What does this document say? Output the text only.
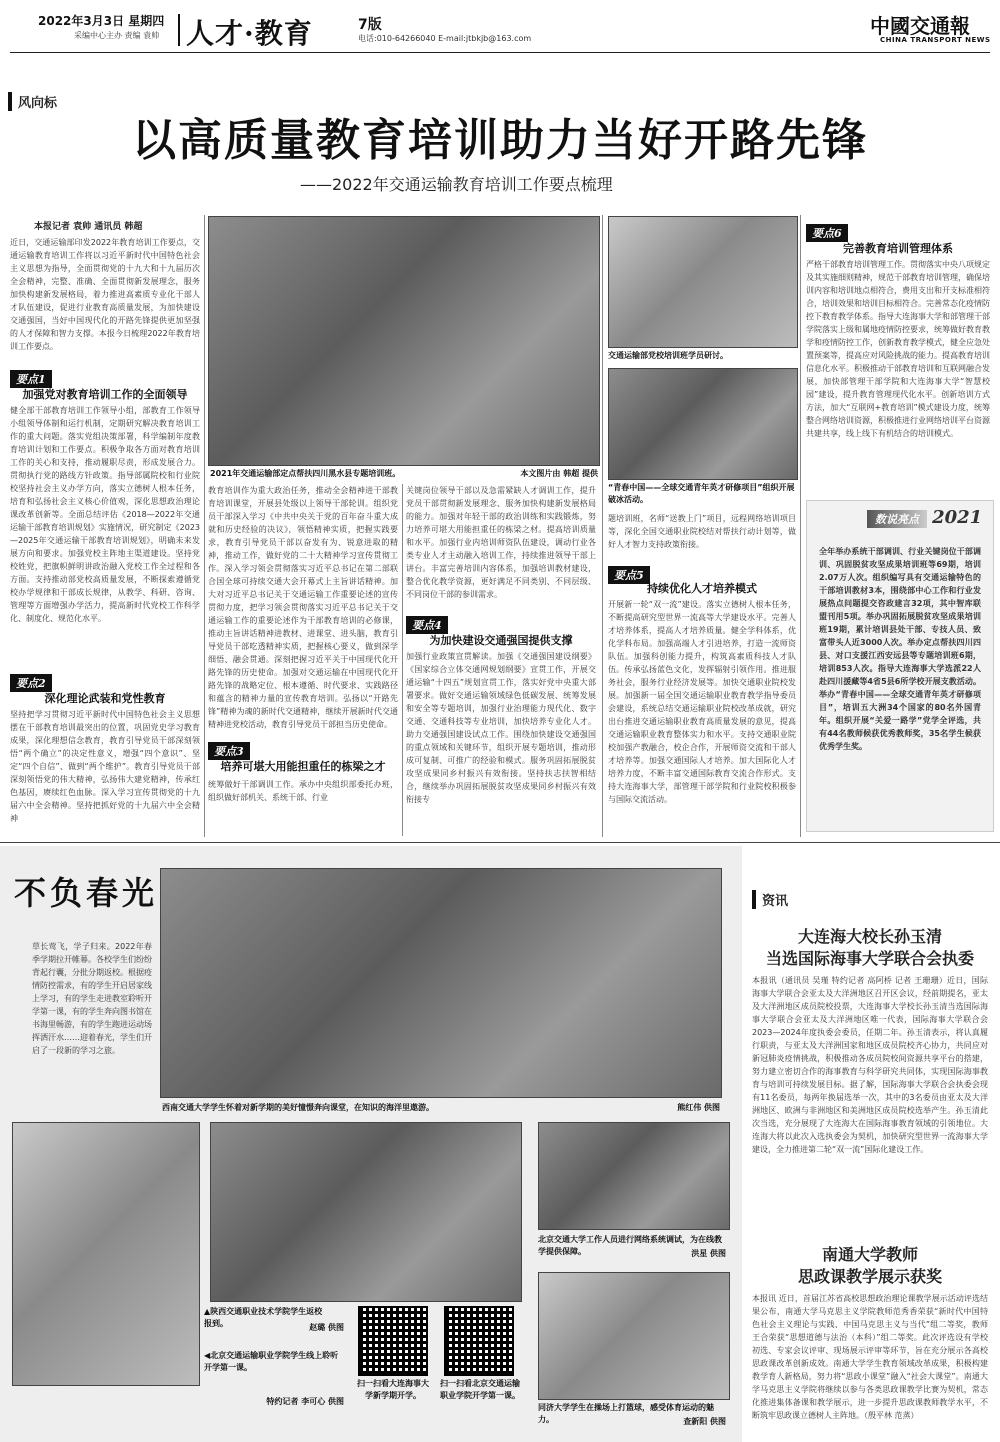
2022年3月3日 星期四
采编中心主办 责编 袁帅 人才·教育	7版
电话:010-64266040 E-mail:jtbkjb@163.com
中國交通報
CHINA TRANSPORT NEWS
风向标
以高质量教育培训助力当好开路先锋
——2022年交通运输教育培训工作要点梳理
本报记者 袁帅 通讯员 韩超
近日，交通运输部印发2022年教育培训工作要点，交通运输教育培训工作将以习近平新时代中国特色社会主义思想为指导，全面贯彻党的十九大和十九届历次全会精神，完整、准确、全面贯彻新发展理念，服务加快构建新发展格局，着力推进高素质专业化干部人才队伍建设，促进行业教育高质量发展，为加快建设交通强国，当好中国现代化的开路先锋提供更加坚强的人才保障和智力支撑。本报今日梳理2022年教育培训工作要点。
要点1
加强党对教育培训工作的全面领导
健全部干部教育培训工作领导小组，部教育工作领导小组领导体制和运行机制，定期研究解决教育培训工作的重大问题。落实党组决策部署，科学编制年度教育培训计划和工作要点。积极争取各方面对教育培训工作的关心和支持，推动履职尽责，形成发展合力。贯彻执行党的路线方针政策。指导部属院校和行业院校坚持社会主义办学方向，落实立德树人根本任务，培育和弘扬社会主义核心价值观，深化思想政治理论课改革创新等。全面总结评估《2018—2022年交通运输干部教育培训规划》实施情况，研究制定《2023—2025年交通运输干部教育培训规划》，明确未来发展方向和要求。加强党校主阵地主渠道建设。坚持党校姓党，把旗帜鲜明讲政治融入党校工作全过程和各方面。支持推动部党校高质量发展，不断探索遵循党校办学规律和干部成长规律，从教学、科研、咨询、管理等方面增强办学活力，提高新时代党校工作科学化、制度化、规范化水平。
要点2
深化理论武装和党性教育
坚持把学习贯彻习近平新时代中国特色社会主义思想摆在干部教育培训最突出的位置，巩固党史学习教育成果，深化理想信念教育，教育引导党员干部深刻领悟“两个确立”的决定性意义，增强“四个意识”、坚定“四个自信”、做到“两个维护”。教育引导党员干部深刻领悟党的伟大精神，弘扬伟大建党精神，传承红色基因，赓续红色血脉。深入学习宣传贯彻党的十九届六中全会精神。坚持把抓好党的十九届六中全会精神
2021年交通运输部定点帮扶四川黑水县专题培训班。	本文图片由 韩超 提供
教育培训作为重大政治任务，推动全会精神进干部教育培训课堂，开展县处级以上领导干部轮训。组织党员干部深入学习《中共中央关于党的百年奋斗重大成就和历史经验的决议》，领悟精神实质，把握实践要求，教育引导党员干部以奋发有为、锐意进取的精神，推动工作，做好党的二十大精神学习宣传贯彻工作。深入学习领会贯彻落实习近平总书记在第二部联合国全球可持续交通大会开幕式上主旨讲话精神。加大对习近平总书记关于交通运输工作重要论述的宣传贯彻力度，把学习领会贯彻落实习近平总书记关于交通运输工作的重要论述作为干部教育培训的必修课，推动主旨讲话精神进教材、进课堂、进头脑，教育引导党员干部吃透精神实质，把握核心要义，做到深学细悟、融会贯通。深刻把握习近平关于中国现代化开路先锋的历史使命。加强对交通运输在中国现代化开路先锋的战略定位、根本遵循、时代要求、实践路径和蕴含的精神力量的宣传教育培训。弘扬以“开路先锋”精神为魂的新时代交通精神，继续开展新时代交通精神进党校活动，教育引导党员干部担当历史使命。
要点3
培养可堪大用能担重任的栋梁之才
统筹做好干部调训工作。承办中央组织部委托办班，组织做好部机关、系统干部、行业
关键岗位领导干部以及急需紧缺人才调训工作，提升党员干部贯彻新发展理念、服务加快构建新发展格局的能力。加强对年轻干部的政治训练和实践锻炼，努力培养可堪大用能担重任的栋梁之材。提高培训质量和水平。加强行业内培训师资队伍建设，调动行业各类专业人才主动融入培训工作，持续推进领导干部上讲台。丰富完善培训内容体系，加强培训教材建设，整合优化教学资源，更好满足不同类别、不同层级、不同岗位干部的参训需求。
要点4
为加快建设交通强国提供支撑
加强行业政策宣贯解读。加强《交通强国建设纲要》《国家综合立体交通网规划纲要》宣贯工作，开展交通运输“十四五”规划宣贯工作，落实好党中央重大部署要求。做好交通运输领域绿色低碳发展、统筹发展和安全等专题培训，加强行业治理能力现代化、数字交通、交通科技等专业培训，加快培养专业化人才。助力交通强国建设试点工作。围绕加快建设交通强国的重点领域和关键环节，组织开展专题培训，推动形成可复制、可推广的经验和模式。服务巩固拓展脱贫攻坚成果同乡村振兴有效衔接。坚持扶志扶智相结合，继续举办巩固拓展脱贫攻坚成果同乡村振兴有效衔接专
交通运输部党校培训班学员研讨。
“青春中国——全球交通青年英才研修项目”组织开展破冰活动。
题培训班，名师“送教上门”项目，远程网络培训项目等，深化全国交通职业院校结对帮扶行动计划等，做好人才智力支持政策衔接。
要点5
持续优化人才培养模式
开展新一轮“双一流”建设。落实立德树人根本任务，不断提高研究型世界一流高等大学建设水平。完善人才培养体系，提高人才培养质量。健全学科体系，优化学科布局。加强高端人才引进培养，打造一流师资队伍。加强科创能力提升，构筑高素质科技人才队伍。传承弘扬蓝色文化，发挥辐射引领作用。推进服务社会，服务行业经济发展等。加快交通职业院校发展。加强新一届全国交通运输职业教育教学指导委员会建设，系统总结交通运输职业院校改革成就，研究出台推进交通运输职业教育高质量发展的意见，提高交通运输职业教育整体实力和水平。支持交通职业院校加强产教融合，校企合作，开展师资交流和干部人才培养等。加强交通国际人才培养。加大国际化人才培养力度，不断丰富交通国际教育交流合作形式。支持大连海事大学，部管理干部学院和行业院校积极参与国际交流活动。
要点6
完善教育培训管理体系
严格干部教育培训管理工作。贯彻落实中央八项规定及其实施细则精神，规范干部教育培训管理，确保培训内容和培训地点相符合，费用支出和开支标准相符合，培训效果和培训目标相符合。完善常态化疫情防控下教育教学体系。指导大连海事大学和部管理干部学院落实上级和属地疫情防控要求，统筹做好教育教学和疫情防控工作，创新教育教学模式，健全应急处置预案等，提高应对风险挑战的能力。提高教育培训信息化水平。积极推动干部教育培训和互联网融合发展，加快部管理干部学院和大连海事大学“智慧校园”建设，提升教育管理现代化水平。创新培训方式方法，加大“互联网+教育培训”模式建设力度，统筹整合网络培训资源，积极推进行业网络培训平台资源共建共享，线上线下有机结合的培训模式。
数说亮点 2021
全年举办系统干部调训、行业关键岗位干部调训、巩固脱贫攻坚成果培训班等69期，培训2.07万人次。组织编写具有交通运输特色的干部培训教材3本，围绕部中心工作和行业发展热点问题提交咨政建言32项，其中智库联盟刊用5项。举办巩固拓展脱贫攻坚成果培训班19期，累计培训县处干部、专技人员、致富带头人近3000人次。举办定点帮扶四川四县、对口支援江西安远县等专题培训班6期，培训853人次。指导大连海事大学选派22人赴四川援藏等4省5县6所学校开展支教活动。举办“青春中国——全球交通青年英才研修项目”，培训五大洲34个国家的80名外国青年。组织开展“关爱一路学”党学全评选，共有44名教师候获优秀教师奖，35名学生候获优秀学生奖。
不负春光
草长莺飞，学子归来。2022年春季学期拉开帷幕。各校学生们纷纷背起行囊，分批分期返校。根据疫情防控需求，有的学生开启居家线上学习，有的学生走进教室聆听开学第一课，有的学生奔向图书馆在书海里畅游，有的学生跑进运动场挥洒汗水……迎着春光，学生们开启了一段新的学习之旅。
西南交通大学学生怀着对新学期的美好憧憬奔向课堂，在知识的海洋里遨游。	熊红伟 供图
▲陕西交通职业技术学院学生返校报到。	赵璐 供图
◀北京交通运输职业学院学生线上聆听开学第一课。
特约记者 李可心 供图
扫一扫看大连海事大学新学期开学。
扫一扫看北京交通运输职业学院开学第一课。
北京交通大学工作人员进行网络系统调试，为在线教学提供保障。	洪星 供图
同济大学学生在操场上打篮球，感受体育运动的魅力。	查新阳 供图
资讯
大连海大校长孙玉清
当选国际海事大学联合会执委
本报讯（通讯员 吴瑾 特约记者 高阿桥 记者 王珊珊）近日，国际海事大学联合会亚太及大洋洲地区召开区会议，经前期提名，亚太及大洋洲地区成员院校投票，大连海事大学校长孙玉清当选国际海事大学联合会亚太及大洋洲地区唯一代表，国际海事大学联合会2023—2024年度执委会委员，任期二年。孙玉清表示，将认真履行职责，与亚太及大洋洲国家和地区成员院校齐心协力，共同应对新冠肺炎疫情挑战，积极推动各成员院校间资源共享平台的搭建，努力建立密切合作的海事教育与科学研究共同体，实现国际海事教育与培训可持续发展目标。据了解，国际海事大学联合会执委会现有11名委员，每两年换届选举一次，其中的3名委员由亚太及大洋洲地区、欧洲与非洲地区和美洲地区成员院校选举产生。孙玉清此次当选，充分展现了大连海大在国际海事教育领域的引领地位。大连海大将以此次入选执委会为契机，加快研究型世界一流海事大学建设，全力推进第二轮“双一流”国际化建设工作。
南通大学教师
思政课教学展示获奖
本报讯 近日，首届江苏省高校思想政治理论课教学展示活动评选结果公布，南通大学马克思主义学院教师范秀香荣获“新时代中国特色社会主义理论与实践、中国马克思主义与当代”组二等奖，教师王合荣获“思想道德与法治（本科）”组二等奖。此次评选设有学校初选、专家会议评审、现场展示评审等环节，旨在充分展示各高校思政课改革创新成效。南通大学学生教育领域改革成果，积极构建教学育人新格局，努力将“思政小课堂”融入“社会大课堂”。南通大学马克思主义学院将继续以参与各类思政课教学比赛为契机，常态化推进集体备课和教学展示，进一步提升思政课教师教学水平，不断筑牢思政课立德树人主阵地。（殷平林 范蒸）
